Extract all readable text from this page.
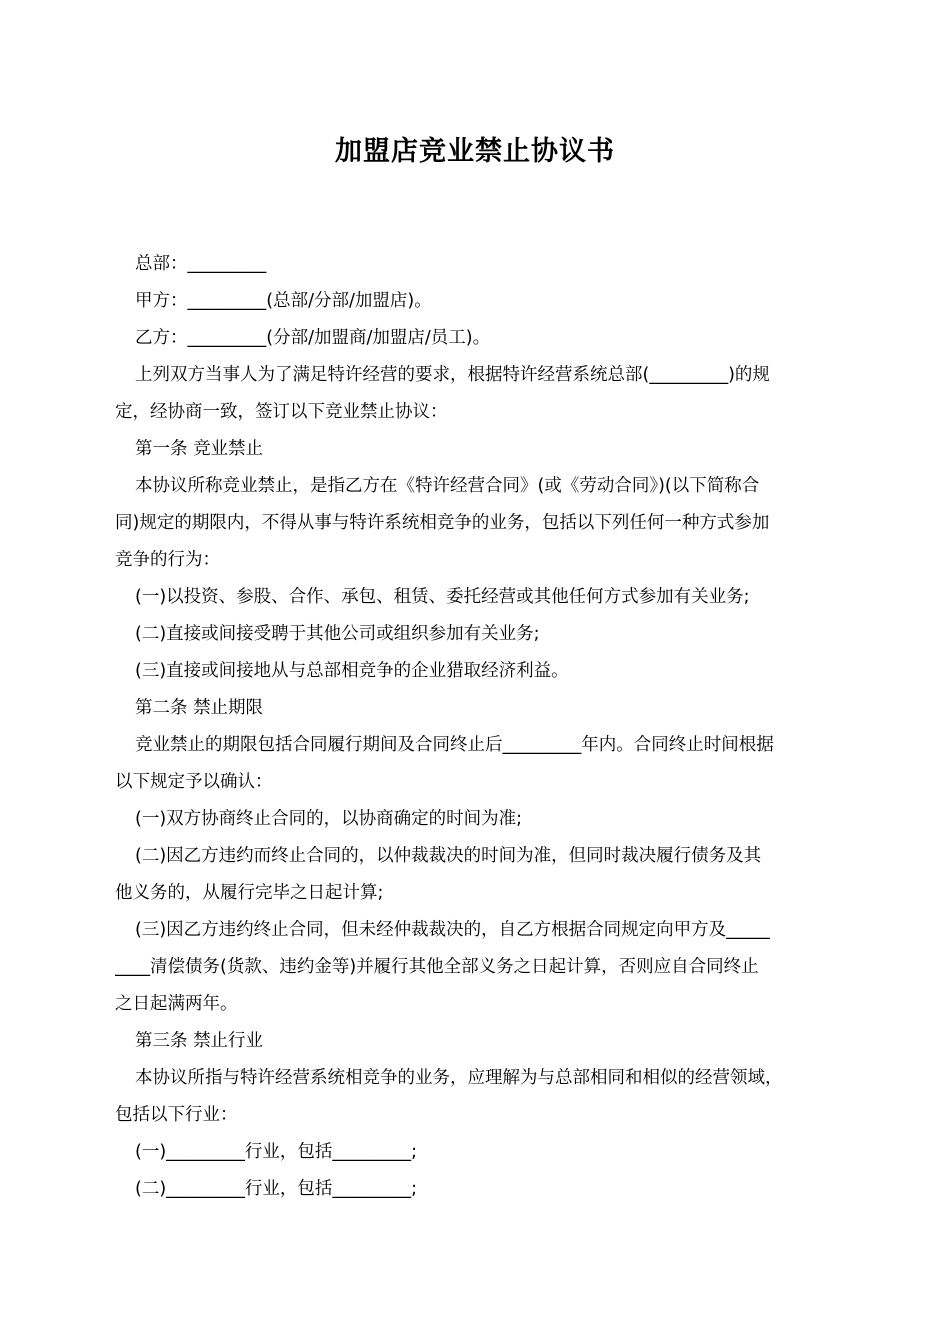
加盟店竞业禁止协议书
总部：_________
甲方：_________(总部/分部/加盟店)。
乙方：_________(分部/加盟商/加盟店/员工)。
上列双方当事人为了满足特许经营的要求，根据特许经营系统总部(_________)的规
定，经协商一致，签订以下竞业禁止协议：
第一条 竞业禁止
本协议所称竞业禁止，是指乙方在《特许经营合同》(或《劳动合同》)(以下简称合
同)规定的期限内，不得从事与特许系统相竞争的业务，包括以下列任何一种方式参加
竞争的行为：
(一)以投资、参股、合作、承包、租赁、委托经营或其他任何方式参加有关业务;
(二)直接或间接受聘于其他公司或组织参加有关业务;
(三)直接或间接地从与总部相竞争的企业猎取经济利益。
第二条 禁止期限
竞业禁止的期限包括合同履行期间及合同终止后_________年内。合同终止时间根据
以下规定予以确认：
(一)双方协商终止合同的，以协商确定的时间为准;
(二)因乙方违约而终止合同的，以仲裁裁决的时间为准，但同时裁决履行债务及其
他义务的，从履行完毕之日起计算;
(三)因乙方违约终止合同，但未经仲裁裁决的，自乙方根据合同规定向甲方及_____
____清偿债务(货款、违约金等)并履行其他全部义务之日起计算，否则应自合同终止
之日起满两年。
第三条 禁止行业
本协议所指与特许经营系统相竞争的业务，应理解为与总部相同和相似的经营领域，
包括以下行业：
(一)_________行业，包括_________;
(二)_________行业，包括_________;
